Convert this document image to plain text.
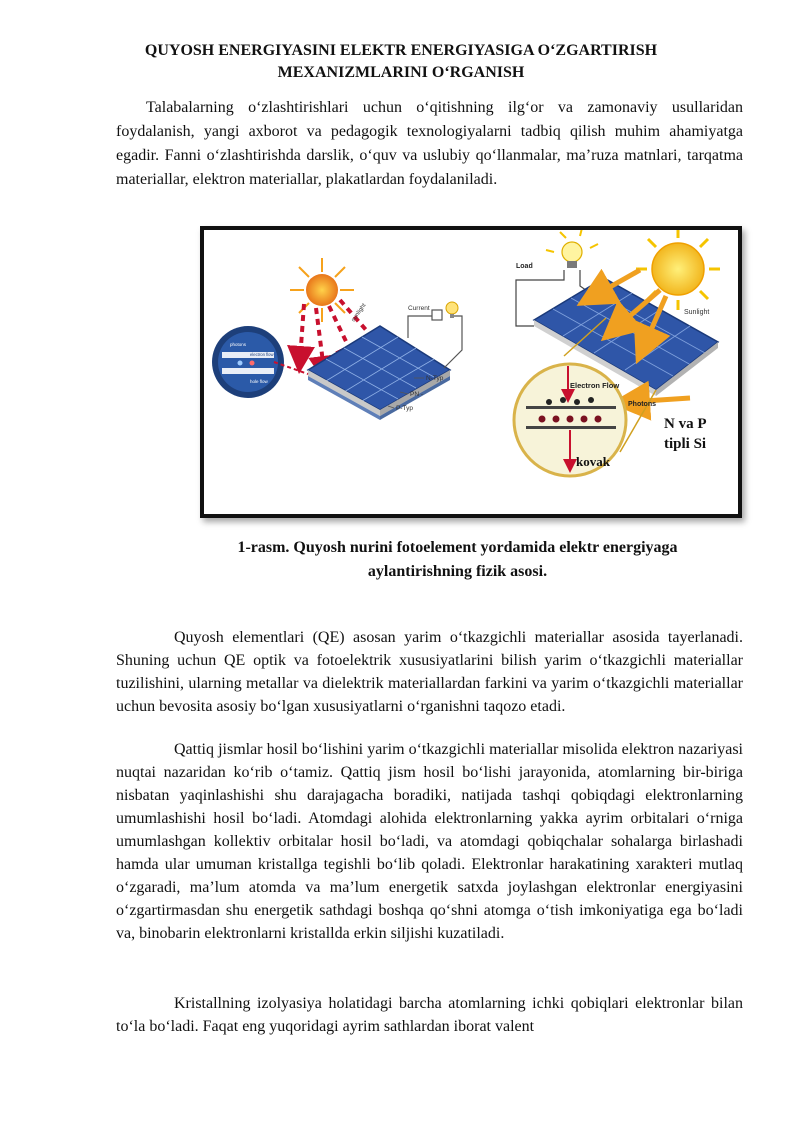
QUYOSH ENERGIYASINI ELEKTR ENERGIYASIGA O‘ZGARTIRISH MEXANIZMLARINI O‘RGANISH

Talabalarning o‘zlashtirishlari uchun o‘qitishning ilg‘or va zamonaviy usullaridan foydalanish, yangi axborot va pedagogik texnologiyalarni tadbiq qilish muhim ahamiyatga egadir. Fanni o‘zlashtirishda darslik, o‘quv va uslubiy qo‘llanmalar, ma’ruza matnlari, tarqatma materiallar, elektron materiallar, plakatlardan foydalaniladi.

sunlight	Current
N-Typ
PN -
P-Typ
photons
electron flow
hole flow
Sunlight
Load
Electron Flow
Photons
N va P
tipli Si
kovak

1-rasm. Quyosh nurini fotoelement yordamida elektr energiyaga aylantirishning fizik asosi.

Quyosh elementlari (QE) asosan yarim o‘tkazgichli materiallar asosida tayerlanadi. Shuning uchun QE optik va fotoelektrik xususiyatlarini bilish yarim o‘tkazgichli materiallar tuzilishini, ularning metallar va dielektrik materiallardan farkini va yarim o‘tkazgichli materiallar uchun bevosita asosiy bo‘lgan xususiyatlarni o‘rganishni taqozo etadi.

Qattiq jismlar hosil bo‘lishini yarim o‘tkazgichli materiallar misolida elektron nazariyasi nuqtai nazaridan ko‘rib o‘tamiz. Qattiq jism hosil bo‘lishi jarayonida, atomlarning bir-biriga nisbatan yaqinlashishi shu darajagacha boradiki, natijada tashqi qobiqdagi elektronlarning umumlashishi hosil bo‘ladi. Atomdagi alohida elektronlarning yakka ayrim orbitalari o‘rniga umumlashgan kollektiv orbitalar hosil bo‘ladi, va atomdagi qobiqchalar sohalarga birlashadi hamda ular umuman kristallga tegishli bo‘lib qoladi. Elektronlar harakatining xarakteri mutlaq o‘zgaradi, ma’lum atomda va ma’lum energetik satxda joylashgan elektronlar energiyasini o‘zgartirmasdan shu energetik sathdagi boshqa qo‘shni atomga o‘tish imkoniyatiga ega bo‘ladi va, binobarin elektronlarni kristallda erkin siljishi kuzatiladi.

Kristallning izolyasiya holatidagi barcha atomlarning ichki qobiqlari elektronlar bilan to‘la bo‘ladi. Faqat eng yuqoridagi ayrim sathlardan iborat valent
